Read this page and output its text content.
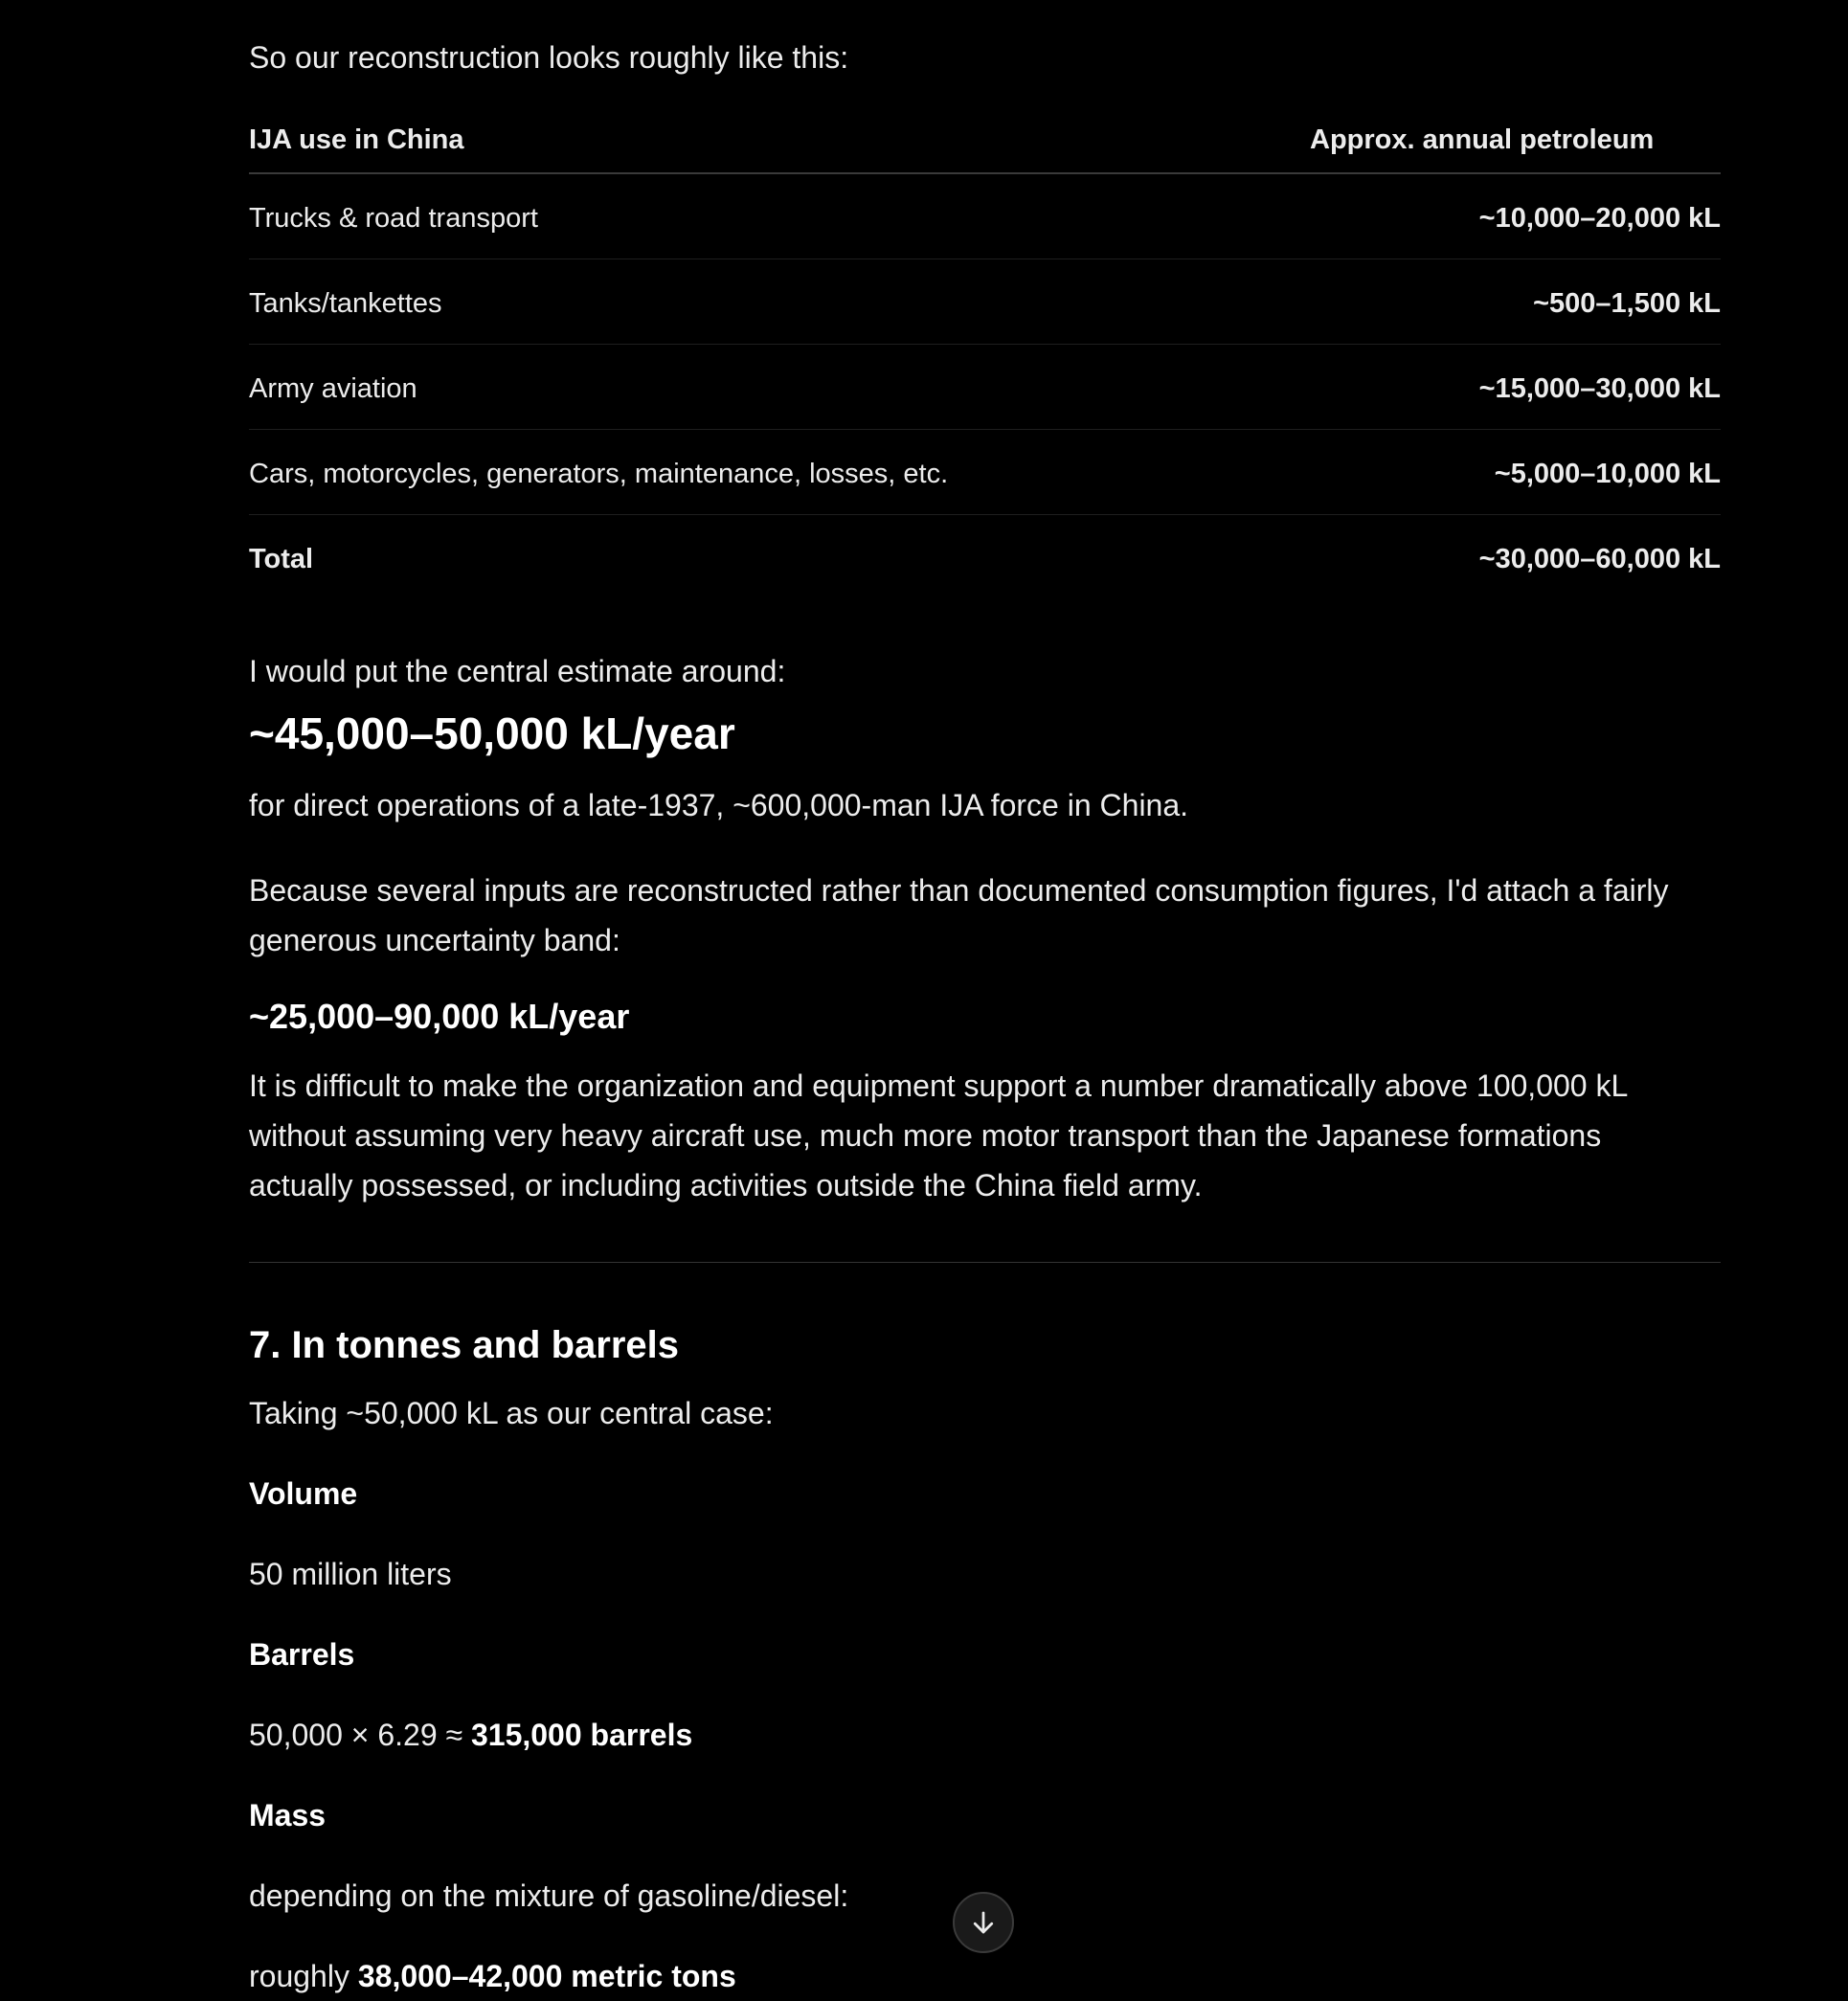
So our reconstruction looks roughly like this:

IJA use in China	Approx. annual petroleum
Trucks & road transport	~10,000–20,000 kL
Tanks/tankettes	~500–1,500 kL
Army aviation	~15,000–30,000 kL
Cars, motorcycles, generators, maintenance, losses, etc.	~5,000–10,000 kL
Total	~30,000–60,000 kL

I would put the central estimate around:

~45,000–50,000 kL/year

for direct operations of a late-1937, ~600,000-man IJA force in China.

Because several inputs are reconstructed rather than documented consumption figures, I'd attach a fairly
generous uncertainty band:

~25,000–90,000 kL/year

It is difficult to make the organization and equipment support a number dramatically above 100,000 kL
without assuming very heavy aircraft use, much more motor transport than the Japanese formations
actually possessed, or including activities outside the China field army.

7. In tonnes and barrels

Taking ~50,000 kL as our central case:

Volume

50 million liters

Barrels

50,000 × 6.29 ≈ 315,000 barrels

Mass

depending on the mixture of gasoline/diesel:

roughly 38,000–42,000 metric tons
